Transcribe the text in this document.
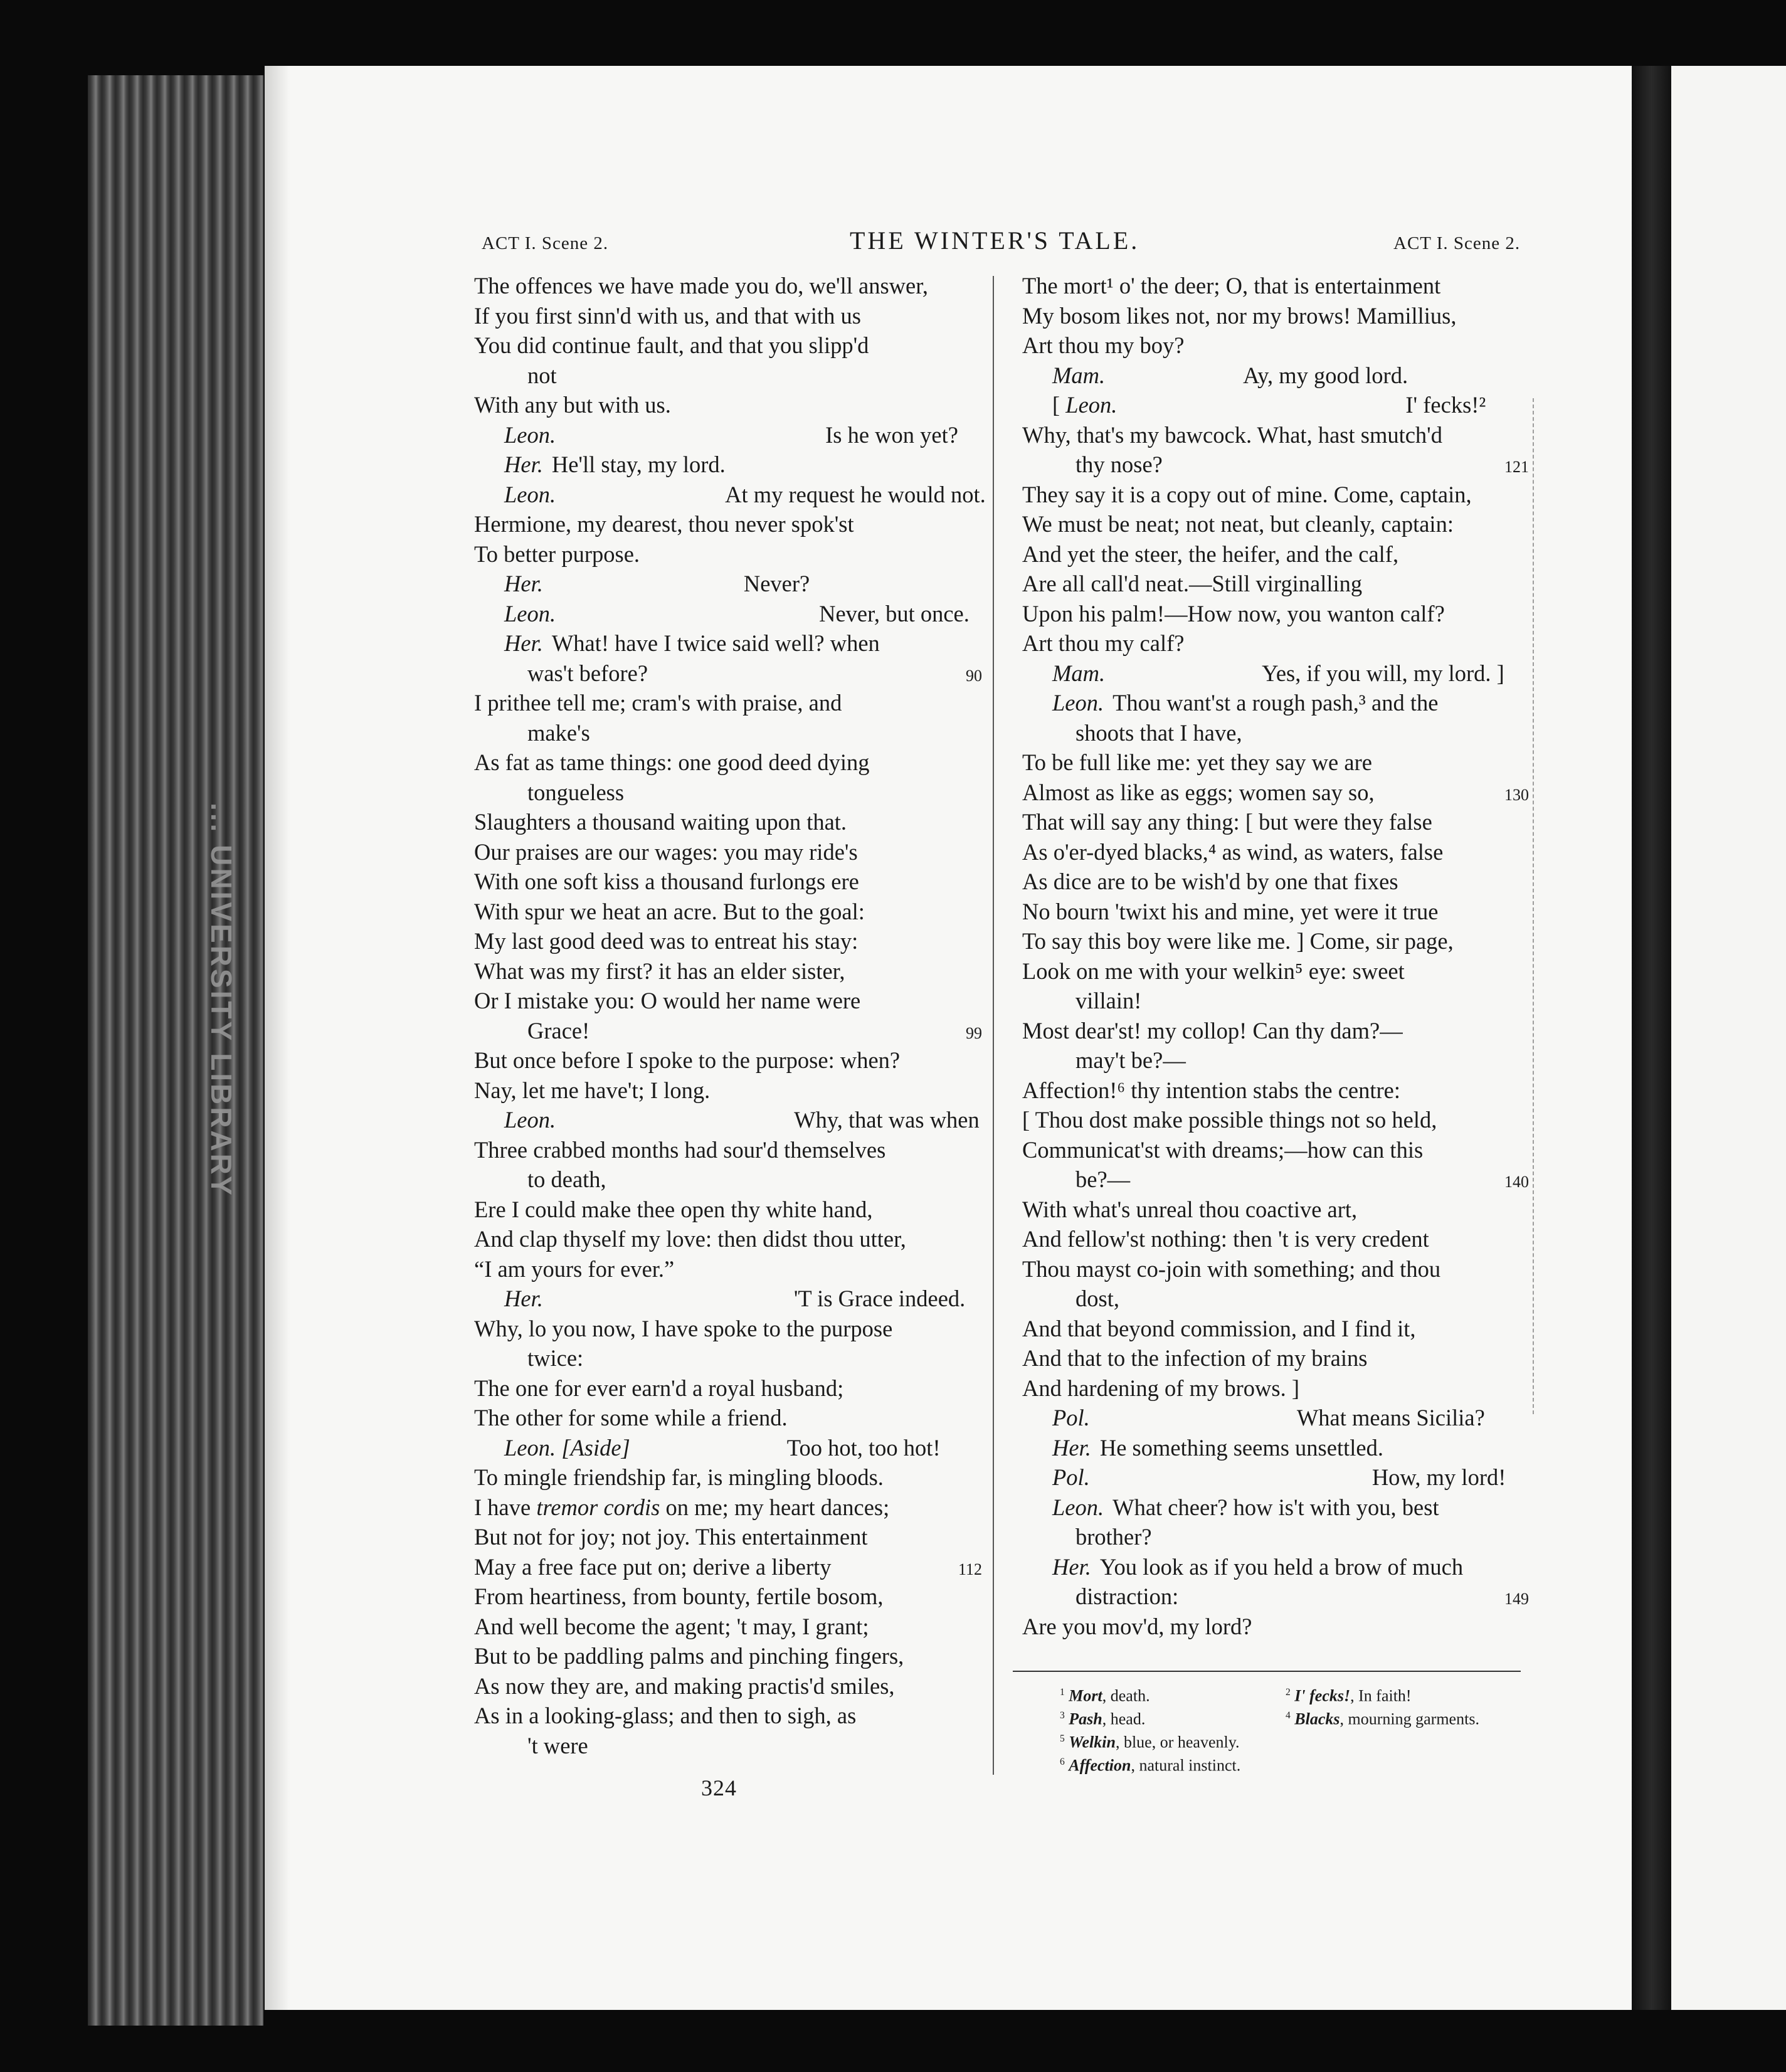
... UNIVERSITY LIBRARY
ACT I. Scene 2.	THE WINTER'S TALE.	ACT I. Scene 2.
The offences we have made you do, we'll answer,
If you first sinn'd with us, and that with us
You did continue fault, and that you slipp'd
not
With any but with us.
Leon.	Is he won yet?
Her. He'll stay, my lord.
Leon.	At my request he would not.
Hermione, my dearest, thou never spok'st
To better purpose.
Her.	Never?
Leon.	Never, but once.
Her. What! have I twice said well? when
was't before?	90
I prithee tell me; cram's with praise, and
make's
As fat as tame things: one good deed dying
tongueless
Slaughters a thousand waiting upon that.
Our praises are our wages: you may ride's
With one soft kiss a thousand furlongs ere
With spur we heat an acre. But to the goal:
My last good deed was to entreat his stay:
What was my first? it has an elder sister,
Or I mistake you: O would her name were
Grace!	99
But once before I spoke to the purpose: when?
Nay, let me have't; I long.
Leon.	Why, that was when
Three crabbed months had sour'd themselves
to death,
Ere I could make thee open thy white hand,
And clap thyself my love: then didst thou utter,
“I am yours for ever.”
Her.	'T is Grace indeed.
Why, lo you now, I have spoke to the purpose
twice:
The one for ever earn'd a royal husband;
The other for some while a friend.
Leon. [Aside]	Too hot, too hot!
To mingle friendship far, is mingling bloods.
I have tremor cordis on me; my heart dances;
But not for joy; not joy. This entertainment
May a free face put on; derive a liberty	112
From heartiness, from bounty, fertile bosom,
And well become the agent; 't may, I grant;
But to be paddling palms and pinching fingers,
As now they are, and making practis'd smiles,
As in a looking-glass; and then to sigh, as
't were
The mort¹ o' the deer; O, that is entertainment
My bosom likes not, nor my brows! Mamillius,
Art thou my boy?
Mam.	Ay, my good lord.
[ Leon.	I' fecks!²
Why, that's my bawcock. What, hast smutch'd
thy nose?	121
They say it is a copy out of mine. Come, captain,
We must be neat; not neat, but cleanly, captain:
And yet the steer, the heifer, and the calf,
Are all call'd neat.—Still virginalling
Upon his palm!—How now, you wanton calf?
Art thou my calf?
Mam.	Yes, if you will, my lord. ]
Leon. Thou want'st a rough pash,³ and the
shoots that I have,
To be full like me: yet they say we are
Almost as like as eggs; women say so,	130
That will say any thing: [ but were they false
As o'er-dyed blacks,⁴ as wind, as waters, false
As dice are to be wish'd by one that fixes
No bourn 'twixt his and mine, yet were it true
To say this boy were like me. ] Come, sir page,
Look on me with your welkin⁵ eye: sweet
villain!
Most dear'st! my collop! Can thy dam?—
may't be?—
Affection!⁶ thy intention stabs the centre:
[ Thou dost make possible things not so held,
Communicat'st with dreams;—how can this
be?—	140
With what's unreal thou coactive art,
And fellow'st nothing: then 't is very credent
Thou mayst co-join with something; and thou
dost,
And that beyond commission, and I find it,
And that to the infection of my brains
And hardening of my brows. ]
Pol.	What means Sicilia?
Her. He something seems unsettled.
Pol.	How, my lord!
Leon. What cheer? how is't with you, best
brother?
Her. You look as if you held a brow of much
distraction:	149
Are you mov'd, my lord?
$^1$ Mort, death.	$^2$ I' fecks!, In faith!
$^3$ Pash, head.	$^4$ Blacks, mourning garments.
$^5$ Welkin, blue, or heavenly.
$^6$ Affection, natural instinct.
324
